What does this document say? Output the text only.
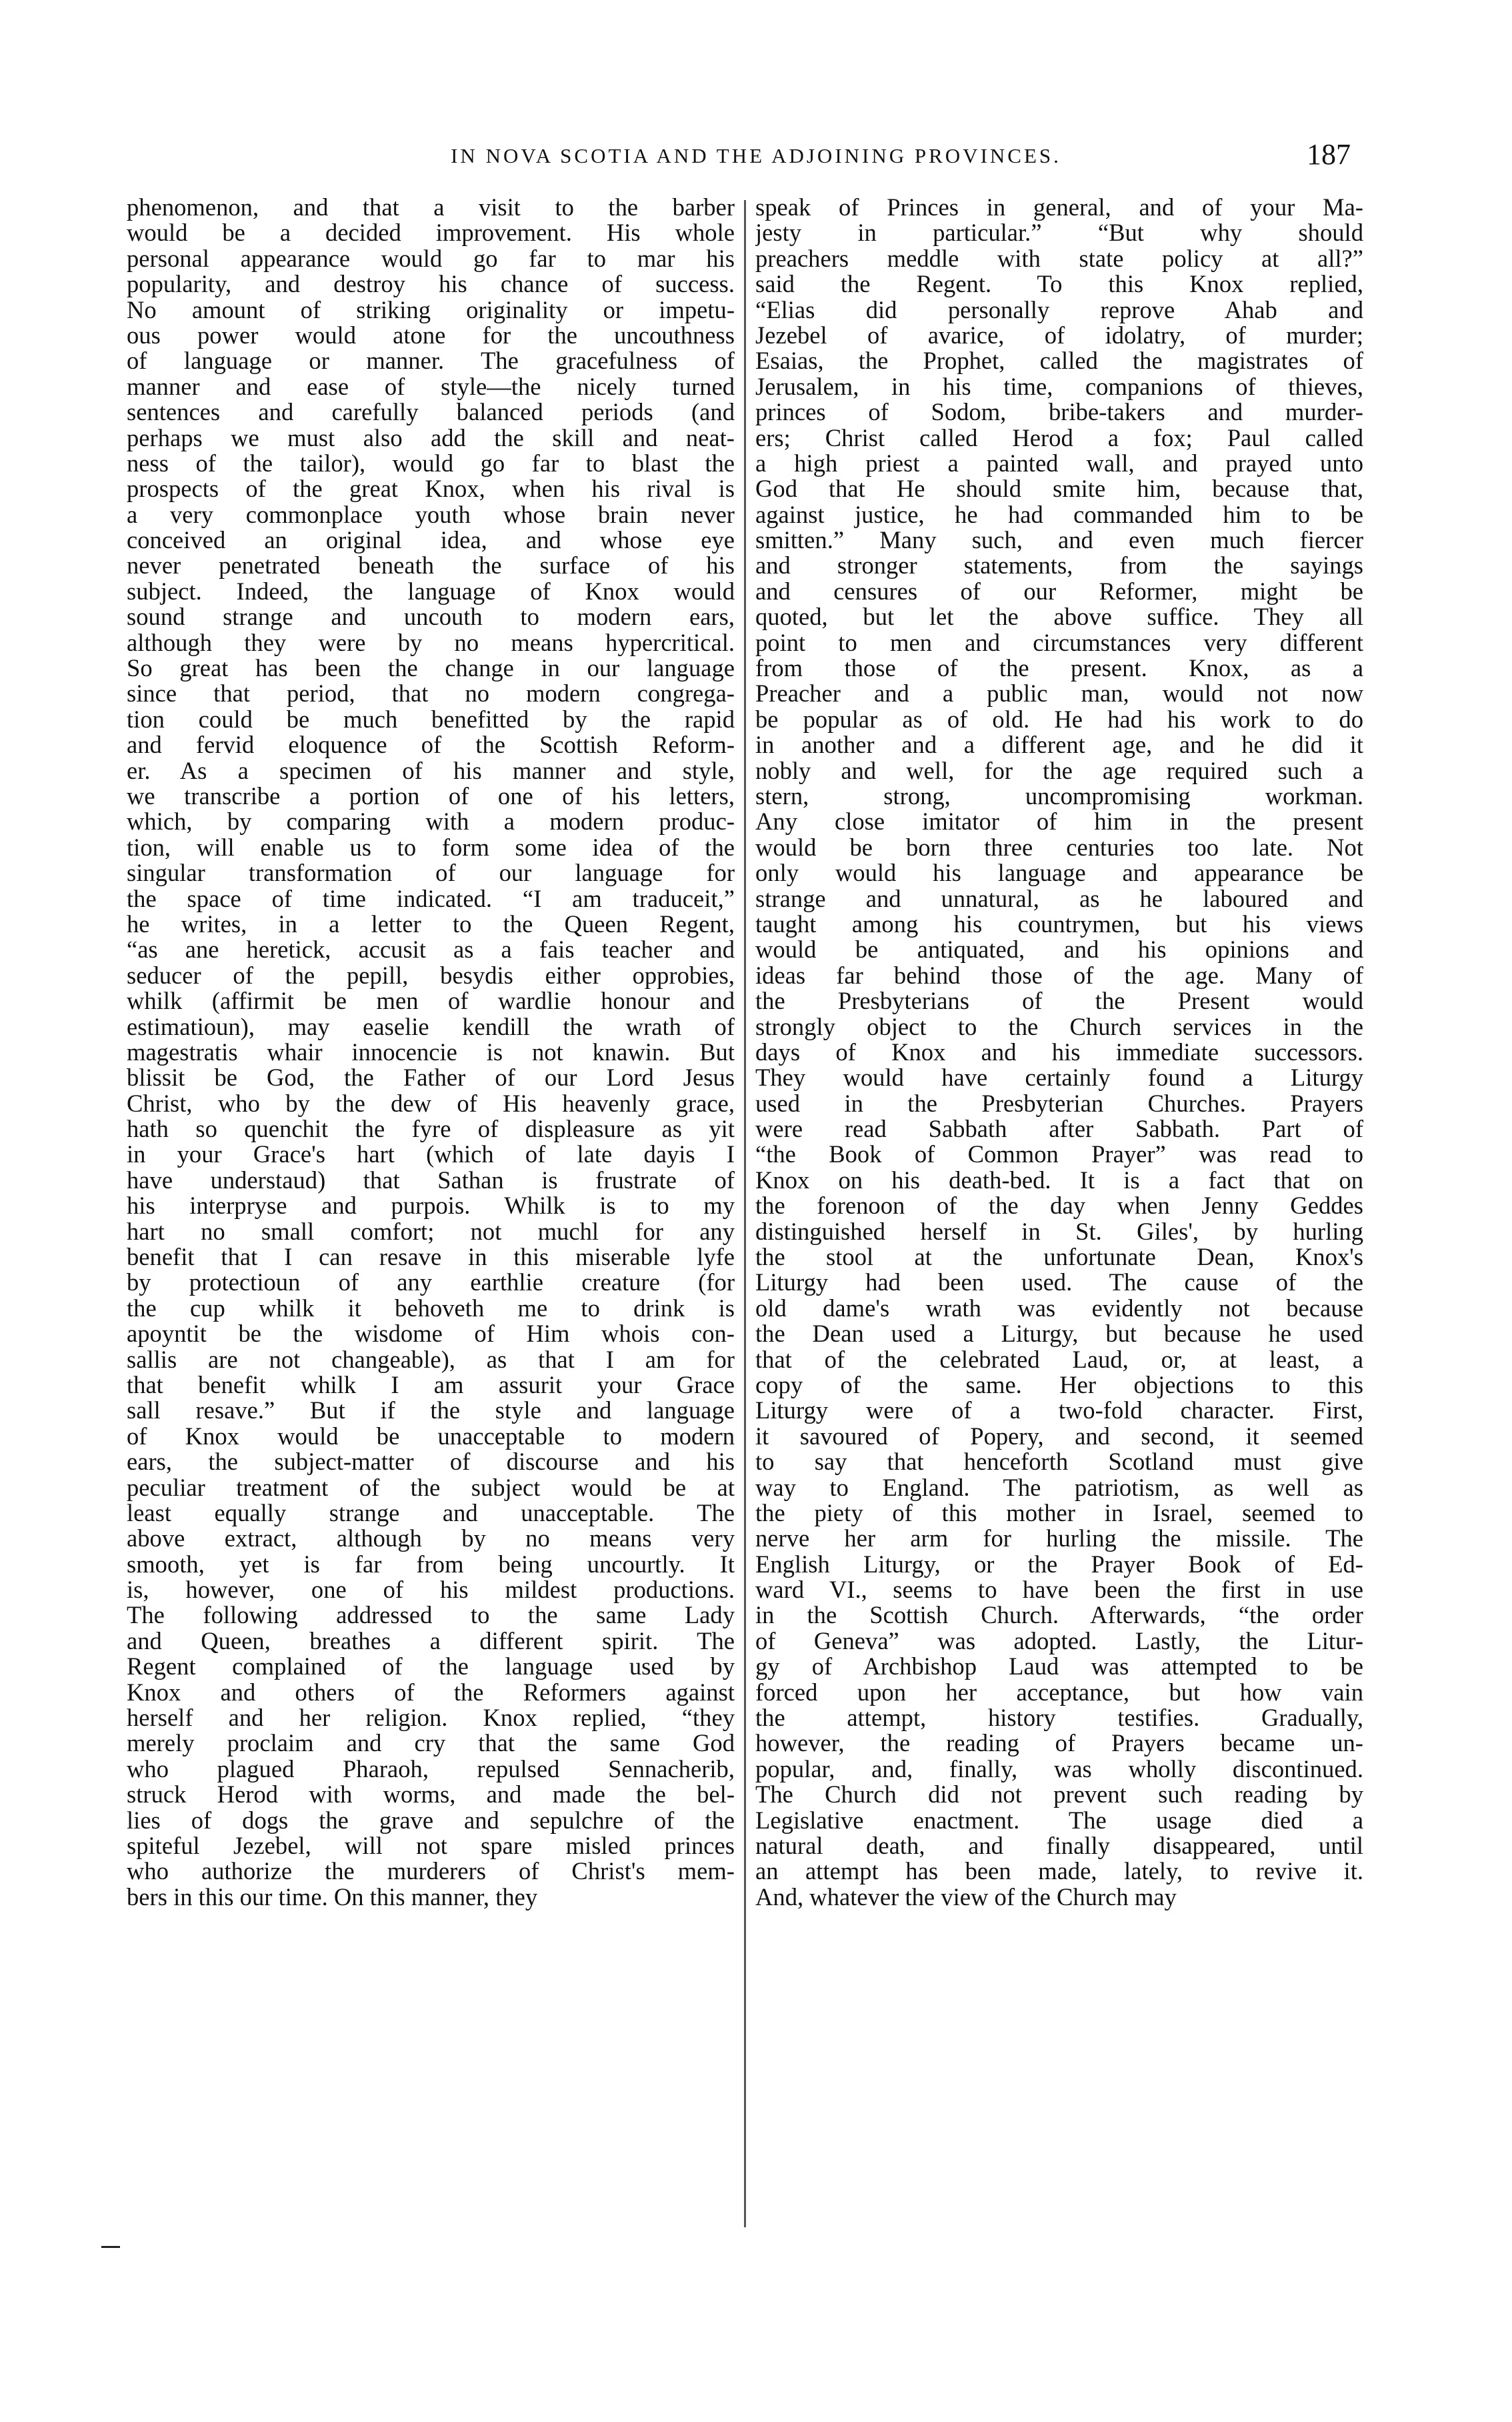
IN NOVA SCOTIA AND THE ADJOINING PROVINCES.	187
phenomenon, and that a visit to the barber
would be a decided improvement. His whole
personal appearance would go far to mar his
popularity, and destroy his chance of success.
No amount of striking originality or impetu-
ous power would atone for the uncouthness
of language or manner. The gracefulness of
manner and ease of style—the nicely turned
sentences and carefully balanced periods (and
perhaps we must also add the skill and neat-
ness of the tailor), would go far to blast the
prospects of the great Knox, when his rival is
a very commonplace youth whose brain never
conceived an original idea, and whose eye
never penetrated beneath the surface of his
subject. Indeed, the language of Knox would
sound strange and uncouth to modern ears,
although they were by no means hypercritical.
So great has been the change in our language
since that period, that no modern congrega-
tion could be much benefitted by the rapid
and fervid eloquence of the Scottish Reform-
er. As a specimen of his manner and style,
we transcribe a portion of one of his letters,
which, by comparing with a modern produc-
tion, will enable us to form some idea of the
singular transformation of our language for
the space of time indicated. “I am traduceit,”
he writes, in a letter to the Queen Regent,
“as ane heretick, accusit as a fais teacher and
seducer of the pepill, besydis either opprobies,
whilk (affirmit be men of wardlie honour and
estimatioun), may easelie kendill the wrath of
magestratis whair innocencie is not knawin. But
blissit be God, the Father of our Lord Jesus
Christ, who by the dew of His heavenly grace,
hath so quenchit the fyre of displeasure as yit
in your Grace's hart (which of late dayis I
have understaud) that Sathan is frustrate of
his interpryse and purpois. Whilk is to my
hart no small comfort; not muchl for any
benefit that I can resave in this miserable lyfe
by protectioun of any earthlie creature (for
the cup whilk it behoveth me to drink is
apoyntit be the wisdome of Him whois con-
sallis are not changeable), as that I am for
that benefit whilk I am assurit your Grace
sall resave.” But if the style and language
of Knox would be unacceptable to modern
ears, the subject-matter of discourse and his
peculiar treatment of the subject would be at
least equally strange and unacceptable. The
above extract, although by no means very
smooth, yet is far from being uncourtly. It
is, however, one of his mildest productions.
The following addressed to the same Lady
and Queen, breathes a different spirit. The
Regent complained of the language used by
Knox and others of the Reformers against
herself and her religion. Knox replied, “they
merely proclaim and cry that the same God
who plagued Pharaoh, repulsed Sennacherib,
struck Herod with worms, and made the bel-
lies of dogs the grave and sepulchre of the
spiteful Jezebel, will not spare misled princes
who authorize the murderers of Christ's mem-
bers in this our time. On this manner, they
speak of Princes in general, and of your Ma-
jesty in particular.” “But why should
preachers meddle with state policy at all?”
said the Regent. To this Knox replied,
“Elias did personally reprove Ahab and
Jezebel of avarice, of idolatry, of murder;
Esaias, the Prophet, called the magistrates of
Jerusalem, in his time, companions of thieves,
princes of Sodom, bribe-takers and murder-
ers; Christ called Herod a fox; Paul called
a high priest a painted wall, and prayed unto
God that He should smite him, because that,
against justice, he had commanded him to be
smitten.” Many such, and even much fiercer
and stronger statements, from the sayings
and censures of our Reformer, might be
quoted, but let the above suffice. They all
point to men and circumstances very different
from those of the present. Knox, as a
Preacher and a public man, would not now
be popular as of old. He had his work to do
in another and a different age, and he did it
nobly and well, for the age required such a
stern, strong, uncompromising workman.
Any close imitator of him in the present
would be born three centuries too late. Not
only would his language and appearance be
strange and unnatural, as he laboured and
taught among his countrymen, but his views
would be antiquated, and his opinions and
ideas far behind those of the age. Many of
the Presbyterians of the Present would
strongly object to the Church services in the
days of Knox and his immediate successors.
They would have certainly found a Liturgy
used in the Presbyterian Churches. Prayers
were read Sabbath after Sabbath. Part of
“the Book of Common Prayer” was read to
Knox on his death-bed. It is a fact that on
the forenoon of the day when Jenny Geddes
distinguished herself in St. Giles', by hurling
the stool at the unfortunate Dean, Knox's
Liturgy had been used. The cause of the
old dame's wrath was evidently not because
the Dean used a Liturgy, but because he used
that of the celebrated Laud, or, at least, a
copy of the same. Her objections to this
Liturgy were of a two-fold character. First,
it savoured of Popery, and second, it seemed
to say that henceforth Scotland must give
way to England. The patriotism, as well as
the piety of this mother in Israel, seemed to
nerve her arm for hurling the missile. The
English Liturgy, or the Prayer Book of Ed-
ward VI., seems to have been the first in use
in the Scottish Church. Afterwards, “the order
of Geneva” was adopted. Lastly, the Litur-
gy of Archbishop Laud was attempted to be
forced upon her acceptance, but how vain
the attempt, history testifies. Gradually,
however, the reading of Prayers became un-
popular, and, finally, was wholly discontinued.
The Church did not prevent such reading by
Legislative enactment. The usage died a
natural death, and finally disappeared, until
an attempt has been made, lately, to revive it.
And, whatever the view of the Church may
